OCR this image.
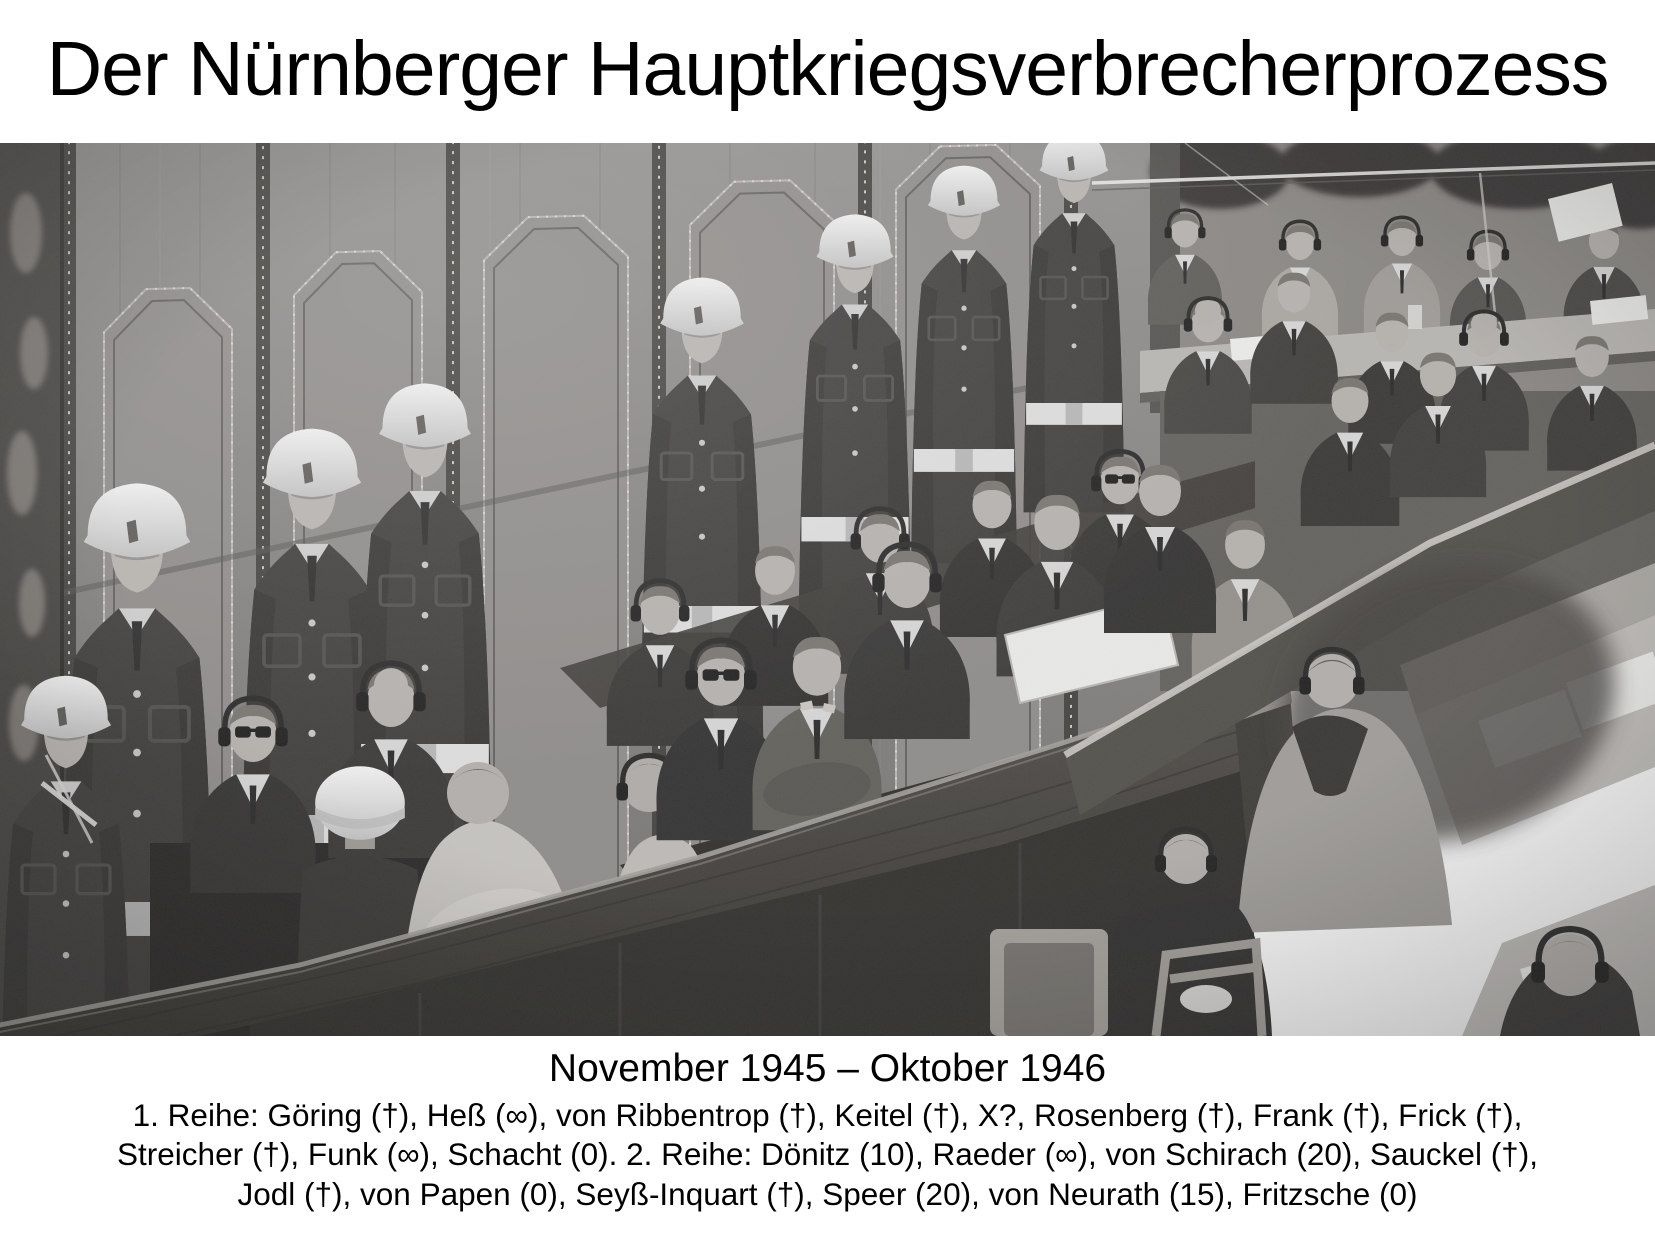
Der Nürnberger Hauptkriegsverbrecherprozess

November 1945 – Oktober 1946

1. Reihe: Göring (†), Heß (∞), von Ribbentrop (†), Keitel (†), X?, Rosenberg (†), Frank (†), Frick (†),

Streicher (†), Funk (∞), Schacht (0). 2. Reihe: Dönitz (10), Raeder (∞), von Schirach (20), Sauckel (†),

Jodl (†), von Papen (0), Seyß-Inquart (†), Speer (20), von Neurath (15), Fritzsche (0)
